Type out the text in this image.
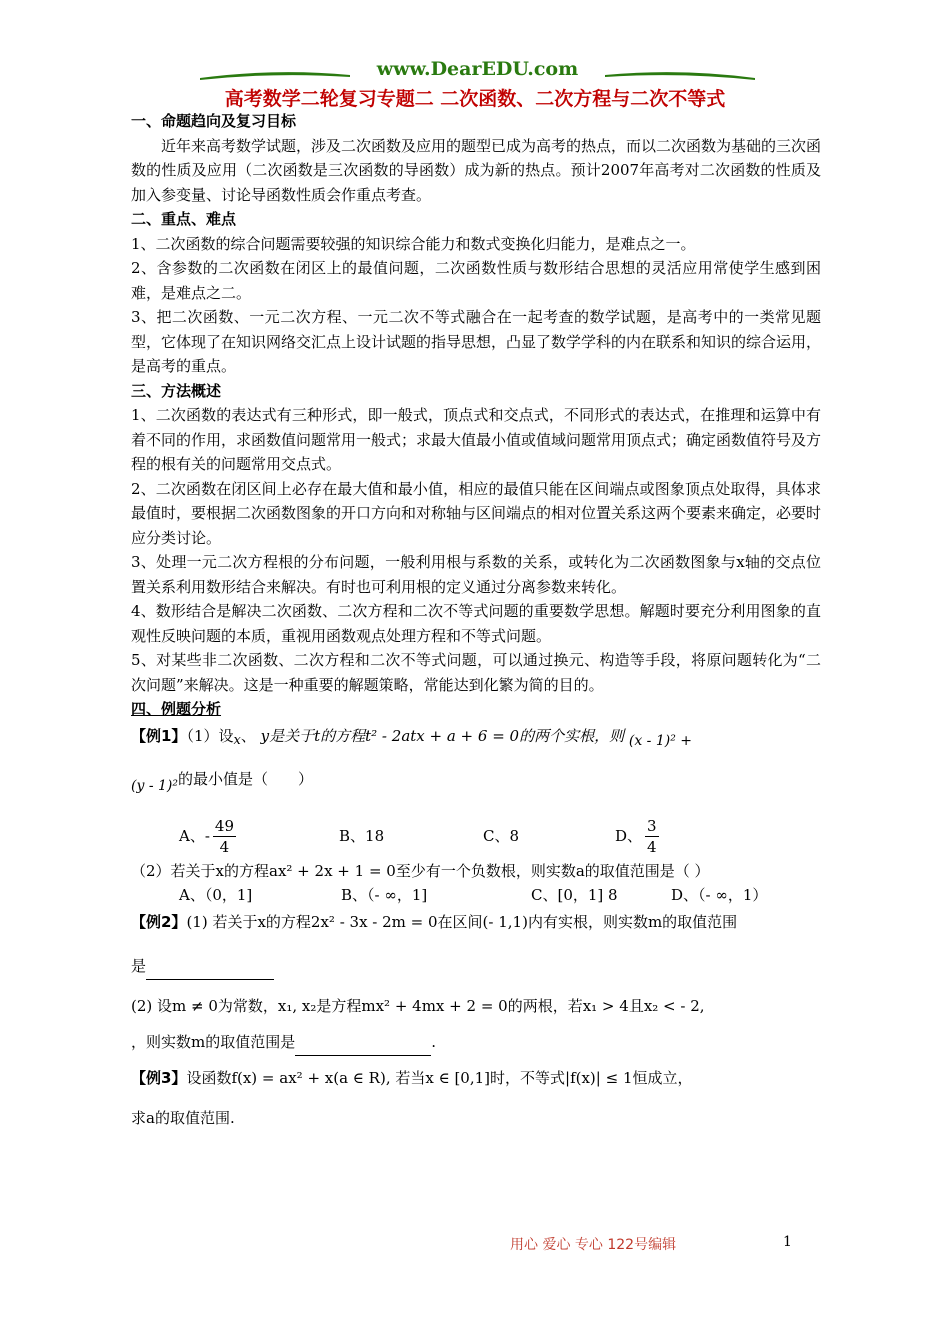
www.DearEDU.com
高考数学二轮复习专题二 二次函数、二次方程与二次不等式
一、命题趋向及复习目标

近年来高考数学试题，涉及二次函数及应用的题型已成为高考的热点，而以二次函数为基础的三次函数的性质及应用（二次函数是三次函数的导函数）成为新的热点。预计2007年高考对二次函数的性质及加入参变量、讨论导函数性质会作重点考查。

二、重点、难点

1、二次函数的综合问题需要较强的知识综合能力和数式变换化归能力，是难点之一。

2、含参数的二次函数在闭区上的最值问题，二次函数性质与数形结合思想的灵活应用常使学生感到困难，是难点之二。

3、把二次函数、一元二次方程、一元二次不等式融合在一起考查的数学试题，是高考中的一类常见题型，它体现了在知识网络交汇点上设计试题的指导思想，凸显了数学学科的内在联系和知识的综合运用，是高考的重点。

三、方法概述

1、二次函数的表达式有三种形式，即一般式，顶点式和交点式，不同形式的表达式，在推理和运算中有着不同的作用，求函数值问题常用一般式；求最大值最小值或值域问题常用顶点式；确定函数值符号及方程的根有关的问题常用交点式。

2、二次函数在闭区间上必存在最大值和最小值，相应的最值只能在区间端点或图象顶点处取得，具体求最值时，要根据二次函数图象的开口方向和对称轴与区间端点的相对位置关系这两个要素来确定，必要时应分类讨论。

3、处理一元二次方程根的分布问题，一般利用根与系数的关系，或转化为二次函数图象与x轴的交点位置关系利用数形结合来解决。有时也可利用根的定义通过分离参数来转化。

4、数形结合是解决二次函数、二次方程和二次不等式问题的重要数学思想。解题时要充分利用图象的直观性反映问题的本质，重视用函数观点处理方程和不等式问题。

5、对某些非二次函数、二次方程和二次不等式问题，可以通过换元、构造等手段，将原问题转化为“二次问题”来解决。这是一种重要的解题策略，常能达到化繁为简的目的。

四、例题分析
【例1】（1）设x、 y是关于t的方程t² - 2atx + a + 6 = 0的两个实根，则 (x - 1)² +
(y - 1)²的最小值是（　　）
A、- $\frac{49}{4}$	B、18	C、8	D、 $\frac{3}{4}$

（2）若关于x的方程ax² + 2x + 1 = 0至少有一个负数根，则实数a的取值范围是（ ）

A、（0，1]	B、（- ∞，1]	C、[0，1] 8	D、（- ∞，1）
【例2】(1) 若关于x的方程2x² - 3x - 2m = 0在区间(- 1,1)内有实根，则实数m的取值范围
是
(2) 设m ≠ 0为常数，x₁, x₂是方程mx² + 4mx + 2 = 0的两根，若x₁ > 4且x₂ < - 2,
，则实数m的取值范围是	.
【例3】设函数f(x) = ax² + x(a ∈ R), 若当x ∈ [0,1]时，不等式|f(x)| ≤ 1恒成立，
求a的取值范围.
用心 爱心 专心 122号编辑	1
